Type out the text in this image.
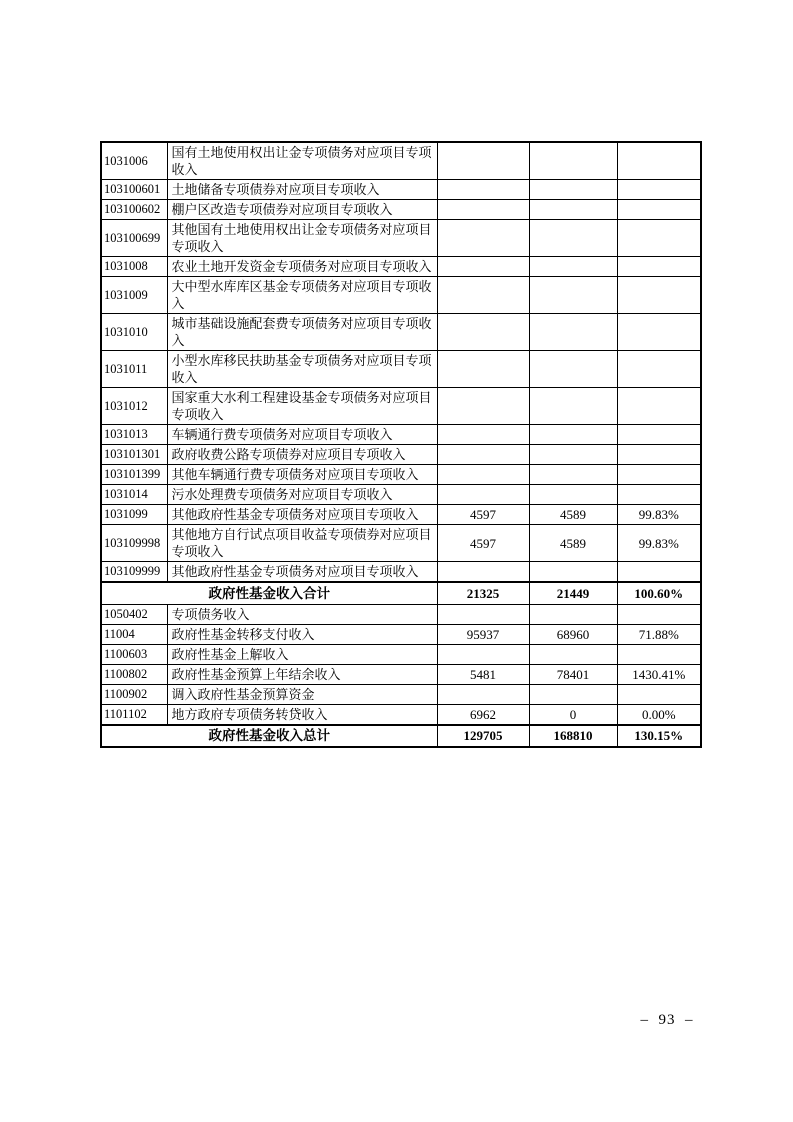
1031006	国有土地使用权出让金专项债务对应项目专项收入			
103100601	土地储备专项债券对应项目专项收入			
103100602	棚户区改造专项债券对应项目专项收入			
103100699	其他国有土地使用权出让金专项债务对应项目专项收入			
1031008	农业土地开发资金专项债务对应项目专项收入			
1031009	大中型水库库区基金专项债务对应项目专项收入			
1031010	城市基础设施配套费专项债务对应项目专项收入			
1031011	小型水库移民扶助基金专项债务对应项目专项收入			
1031012	国家重大水利工程建设基金专项债务对应项目专项收入			
1031013	车辆通行费专项债务对应项目专项收入			
103101301	政府收费公路专项债券对应项目专项收入			
103101399	其他车辆通行费专项债务对应项目专项收入			
1031014	污水处理费专项债务对应项目专项收入			
1031099	其他政府性基金专项债务对应项目专项收入	4597	4589	99.83%
103109998	其他地方自行试点项目收益专项债券对应项目专项收入	4597	4589	99.83%
103109999	其他政府性基金专项债务对应项目专项收入			
政府性基金收入合计		21325	21449	100.60%
1050402	专项债务收入			
11004	政府性基金转移支付收入	95937	68960	71.88%
1100603	政府性基金上解收入			
1100802	政府性基金预算上年结余收入	5481	78401	1430.41%
1100902	调入政府性基金预算资金			
1101102	地方政府专项债务转贷收入	6962	0	0.00%
政府性基金收入总计		129705	168810	130.15%
–  93  –
